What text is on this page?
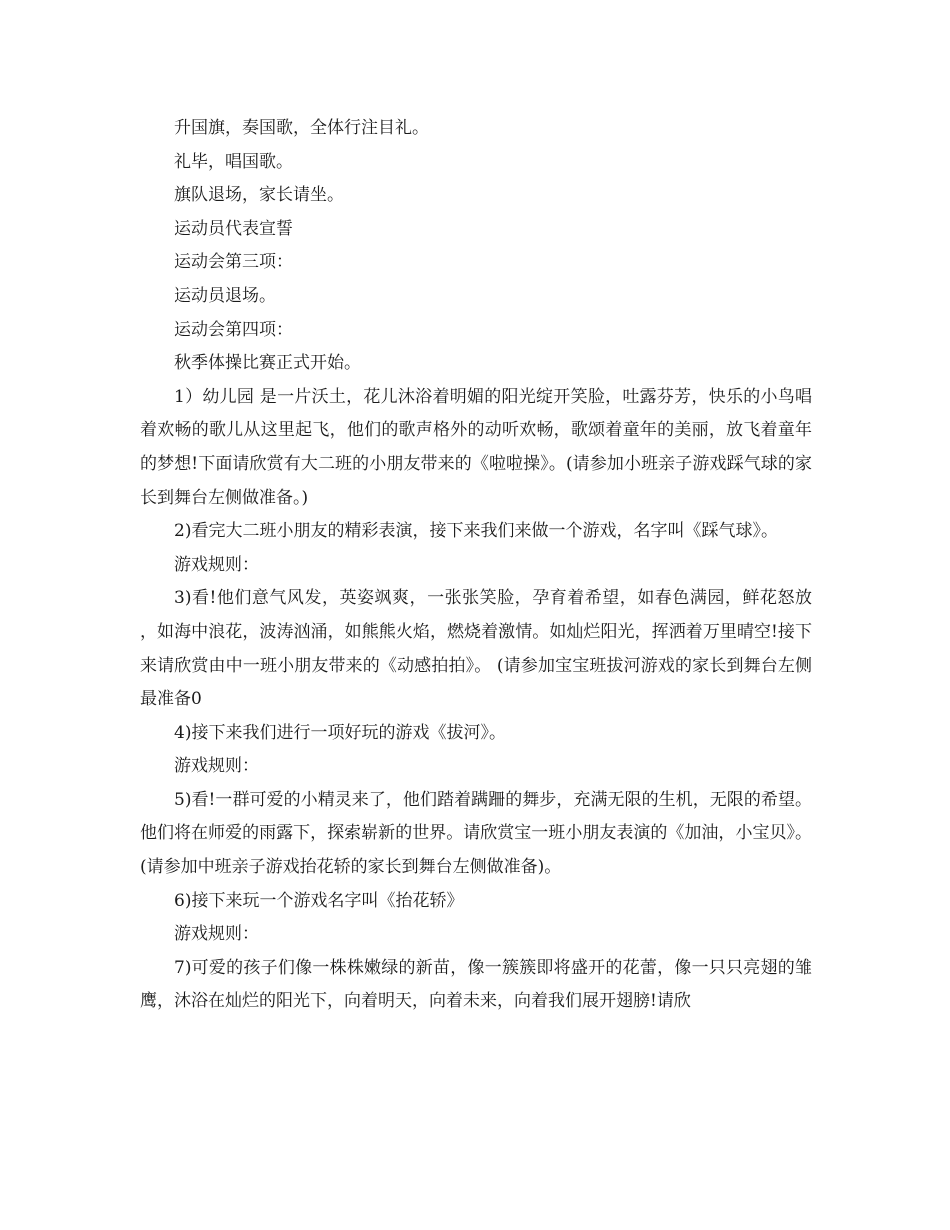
升国旗，奏国歌，全体行注目礼。

礼毕，唱国歌。

旗队退场，家长请坐。

运动员代表宣誓

运动会第三项：

运动员退场。

运动会第四项：

秋季体操比赛正式开始。

1）幼儿园 是一片沃土，花儿沐浴着明媚的阳光绽开笑脸，吐露芬芳，快乐的小鸟唱着欢畅的歌儿从这里起飞，他们的歌声格外的动听欢畅，歌颂着童年的美丽，放飞着童年的梦想!下面请欣赏有大二班的小朋友带来的《啦啦操》。(请参加小班亲子游戏踩气球的家长到舞台左侧做准备。)

2)看完大二班小朋友的精彩表演，接下来我们来做一个游戏，名字叫《踩气球》。

游戏规则：

3)看!他们意气风发，英姿飒爽，一张张笑脸，孕育着希望，如春色满园，鲜花怒放 ，如海中浪花，波涛汹涌，如熊熊火焰，燃烧着激情。如灿烂阳光，挥洒着万里晴空!接下来请欣赏由中一班小朋友带来的《动感拍拍》。 (请参加宝宝班拔河游戏的家长到舞台左侧最准备0

4)接下来我们进行一项好玩的游戏《拔河》。

游戏规则：

5)看!一群可爱的小精灵来了，他们踏着蹒跚的舞步，充满无限的生机，无限的希望。他们将在师爱的雨露下，探索崭新的世界。请欣赏宝一班小朋友表演的《加油，小宝贝》。(请参加中班亲子游戏抬花轿的家长到舞台左侧做准备)。

6)接下来玩一个游戏名字叫《抬花轿》

游戏规则：

7)可爱的孩子们像一株株嫩绿的新苗，像一簇簇即将盛开的花蕾，像一只只亮翅的雏鹰，沐浴在灿烂的阳光下，向着明天，向着未来，向着我们展开翅膀!请欣
